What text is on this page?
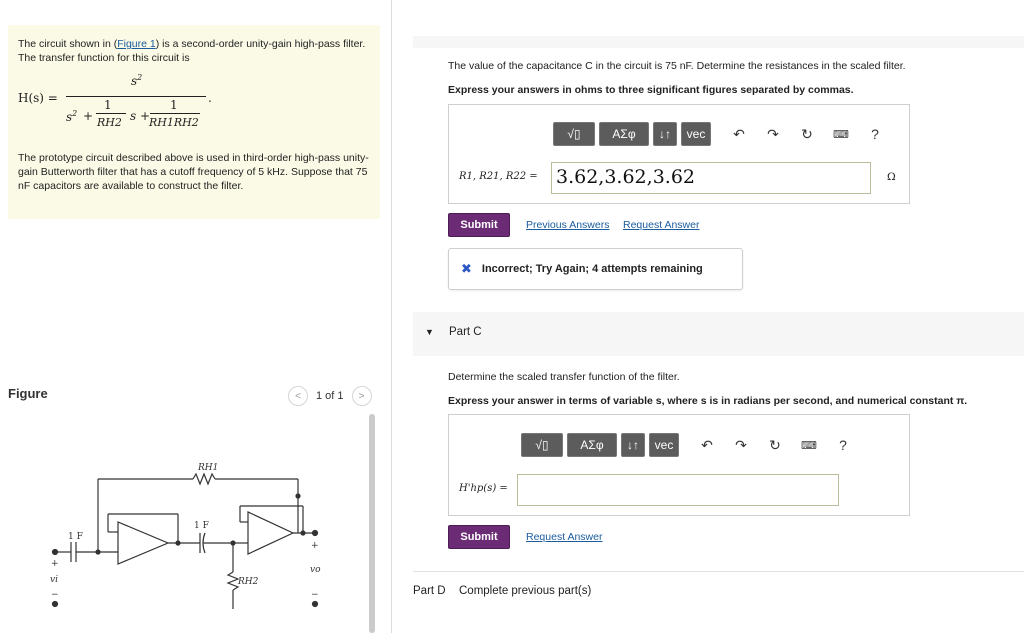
The circuit shown in (Figure 1) is a second-order unity-gain high-pass filter. The transfer function for this circuit is

H(s) =
$s^2$
$s^2$ +
1
RH2 s +
1
RH1RH2
.

The prototype circuit described above is used in third-order high-pass unity-gain Butterworth filter that has a cutoff frequency of 5 kHz. Suppose that 75 nF capacitors are available to construct the filter.

Figure	<	1 of 1	>
RH1
RH2
1 F
1 F
vi
vo
+
+
−	−
The value of the capacitance C in the circuit is 75 nF. Determine the resistances in the scaled filter.
Express your answers in ohms to three significant figures separated by commas.
√▯	ΑΣφ	↓↑	vec	↶ ↷ ↻	⌨	?
R1, R21, R22 = 3.62,3.62,3.62	Ω
Submit	Previous Answers Request Answer
✖ Incorrect; Try Again; 4 attempts remaining
▼ Part C
Determine the scaled transfer function of the filter.
Express your answer in terms of variable s, where s is in radians per second, and numerical constant π.
√▯	ΑΣφ	↓↑	vec	↶ ↷ ↻	⌨	?
H'hp(s) =
Submit	Request Answer
Part D Complete previous part(s)
